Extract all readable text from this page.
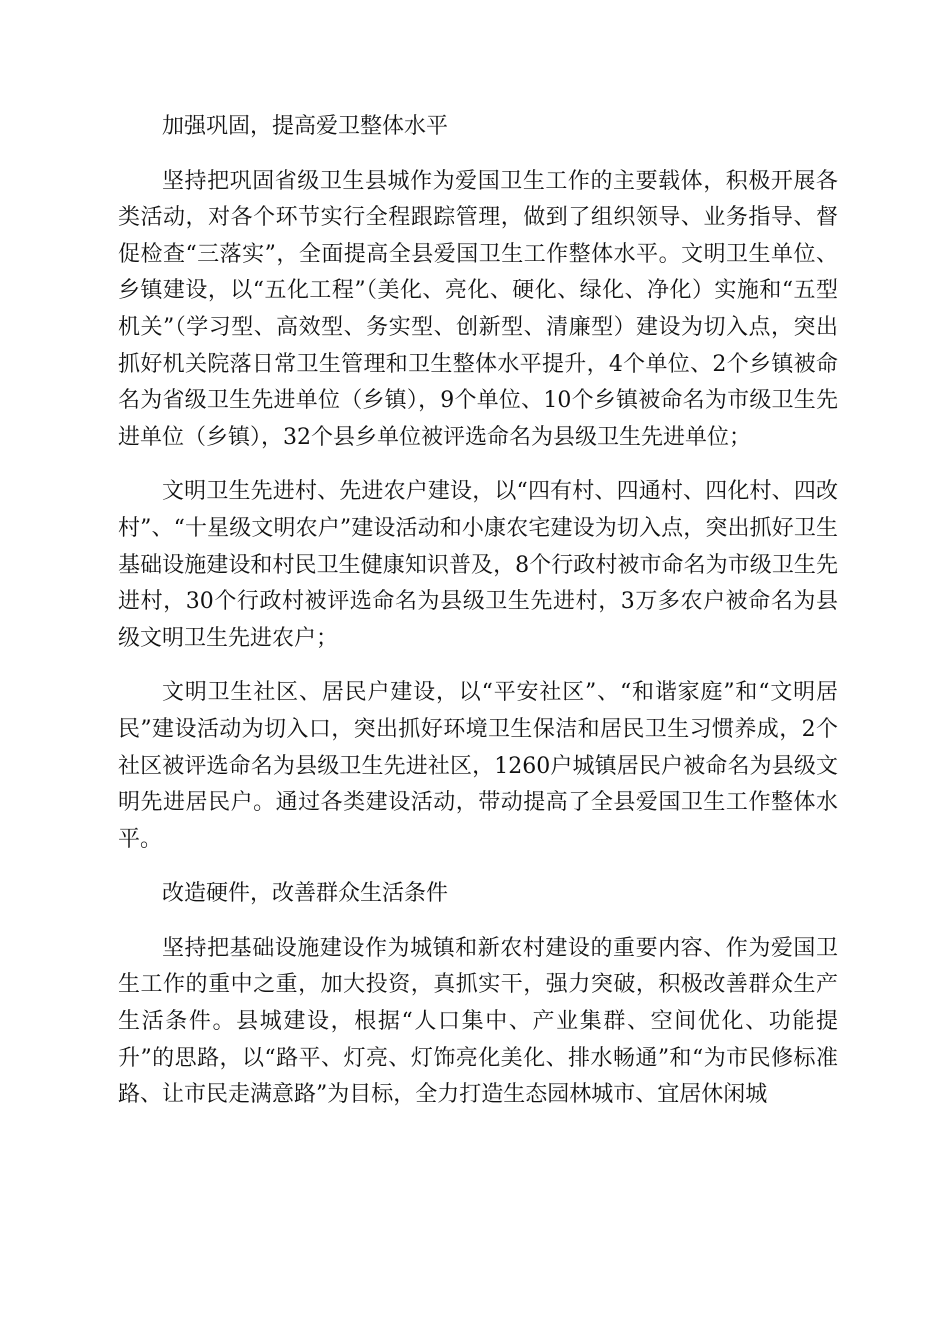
加强巩固，提高爱卫整体水平

坚持把巩固省级卫生县城作为爱国卫生工作的主要载体，积极开展各类活动，对各个环节实行全程跟踪管理，做到了组织领导、业务指导、督促检查“三落实”，全面提高全县爱国卫生工作整体水平。文明卫生单位、乡镇建设，以“五化工程”（美化、亮化、硬化、绿化、净化）实施和“五型机关”（学习型、高效型、务实型、创新型、清廉型）建设为切入点，突出抓好机关院落日常卫生管理和卫生整体水平提升，4个单位、2个乡镇被命名为省级卫生先进单位（乡镇），9个单位、10个乡镇被命名为市级卫生先进单位（乡镇），32个县乡单位被评选命名为县级卫生先进单位；

文明卫生先进村、先进农户建设，以“四有村、四通村、四化村、四改村”、“十星级文明农户”建设活动和小康农宅建设为切入点，突出抓好卫生基础设施建设和村民卫生健康知识普及，8个行政村被市命名为市级卫生先进村，30个行政村被评选命名为县级卫生先进村，3万多农户被命名为县级文明卫生先进农户；

文明卫生社区、居民户建设，以“平安社区”、“和谐家庭”和“文明居民”建设活动为切入口，突出抓好环境卫生保洁和居民卫生习惯养成，2个社区被评选命名为县级卫生先进社区，1260户城镇居民户被命名为县级文明先进居民户。通过各类建设活动，带动提高了全县爱国卫生工作整体水平。

改造硬件，改善群众生活条件

坚持把基础设施建设作为城镇和新农村建设的重要内容、作为爱国卫生工作的重中之重，加大投资，真抓实干，强力突破，积极改善群众生产生活条件。县城建设，根据“人口集中、产业集群、空间优化、功能提升”的思路，以“路平、灯亮、灯饰亮化美化、排水畅通”和“为市民修标准路、让市民走满意路”为目标，全力打造生态园林城市、宜居休闲城
